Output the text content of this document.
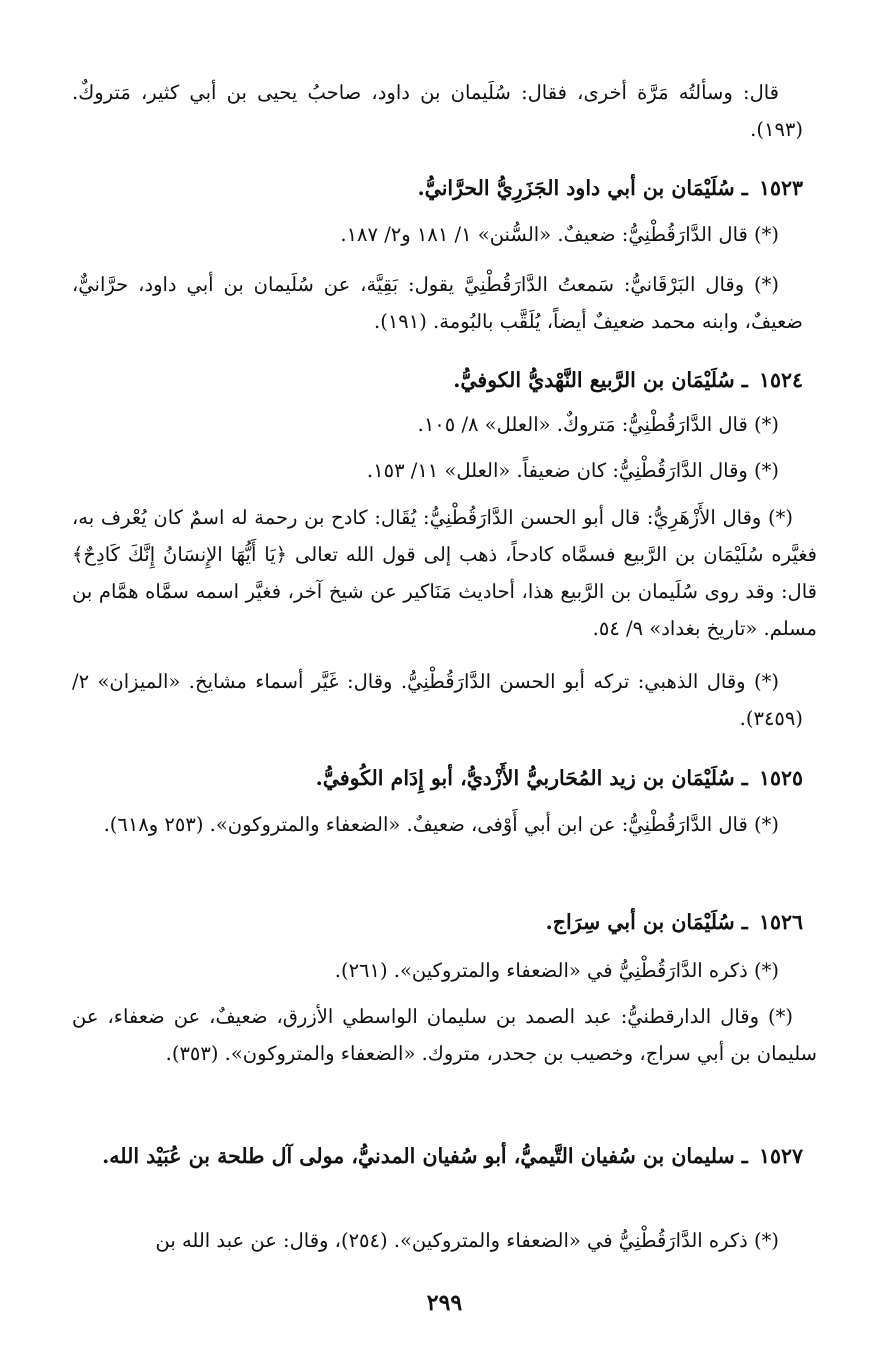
قال: وسألتُه مَرَّة أخرى، فقال: سُلَيمان بن داود، صاحبُ يحيى بن أبي كثير، مَتروكٌ. (١٩٣).
١٥٢٣ ـ سُلَيْمَان بن أبي داود الجَزَرِيُّ الحرَّانيُّ.
(*) قال الدَّارَقُطْنِيُّ: ضعيفٌ. «السُّنن» ١/ ١٨١ و٢/ ١٨٧.
(*) وقال البَرْقَانيُّ: سَمعتُ الدَّارَقُطْنِيَّ يقول: بَقِيَّة، عن سُلَيمان بن أبي داود، حرَّانيٌّ، ضعيفٌ، وابنه محمد ضعيفٌ أيضاً، يُلَقَّب بالبُومة. (١٩١).
١٥٢٤ ـ سُلَيْمَان بن الرَّبيع النَّهْديُّ الكوفيُّ.
(*) قال الدَّارَقُطْنِيُّ: مَتروكٌ. «العلل» ٨/ ١٠٥.
(*) وقال الدَّارَقُطْنِيُّ: كان ضعيفاً. «العلل» ١١/ ١٥٣.
(*) وقال الأَزْهَرِيُّ: قال أبو الحسن الدَّارَقُطْنِيُّ: يُقَال: كادح بن رحمة له اسمٌ كان يُعْرف به، فغيَّره سُلَيْمَان بن الرَّبيع فسمَّاه كادحاً، ذهب إلى قول الله تعالى ﴿يَا أَيُّهَا الإِنسَانُ إِنَّكَ كَادِحٌ﴾ قال: وقد روى سُلَيمان بن الرَّبيع هذا، أحاديث مَنَاكير عن شيخ آخر، فغيَّر اسمه سمَّاه همَّام بن مسلم. «تاريخ بغداد» ٩/ ٥٤.
(*) وقال الذهبي: تركه أبو الحسن الدَّارَقُطْنِيُّ. وقال: غَيَّر أسماء مشايخ. «الميزان» ٢/ (٣٤٥٩).
١٥٢٥ ـ سُلَيْمَان بن زيد المُحَاربيُّ الأَزْديُّ، أبو إِدَام الكُوفيُّ.
(*) قال الدَّارَقُطْنِيُّ: عن ابن أبي أَوْفى، ضعيفٌ. «الضعفاء والمتروكون». (٢٥٣ و٦١٨).
١٥٢٦ ـ سُلَيْمَان بن أبي سِرَاج.
(*) ذكره الدَّارَقُطْنِيُّ في «الضعفاء والمتروكين». (٢٦١).
(*) وقال الدارقطنيُّ: عبد الصمد بن سليمان الواسطي الأزرق، ضعيفٌ، عن ضعفاء، عن سليمان بن أبي سراج، وخصيب بن جحدر، متروك. «الضعفاء والمتروكون». (٣٥٣).
١٥٢٧ ـ سليمان بن سُفيان التَّيميُّ، أبو سُفيان المدنيُّ، مولى آل طلحة بن عُبَيْد الله.
(*) ذكره الدَّارَقُطْنِيُّ في «الضعفاء والمتروكين». (٢٥٤)، وقال: عن عبد الله بن
٢٩٩
